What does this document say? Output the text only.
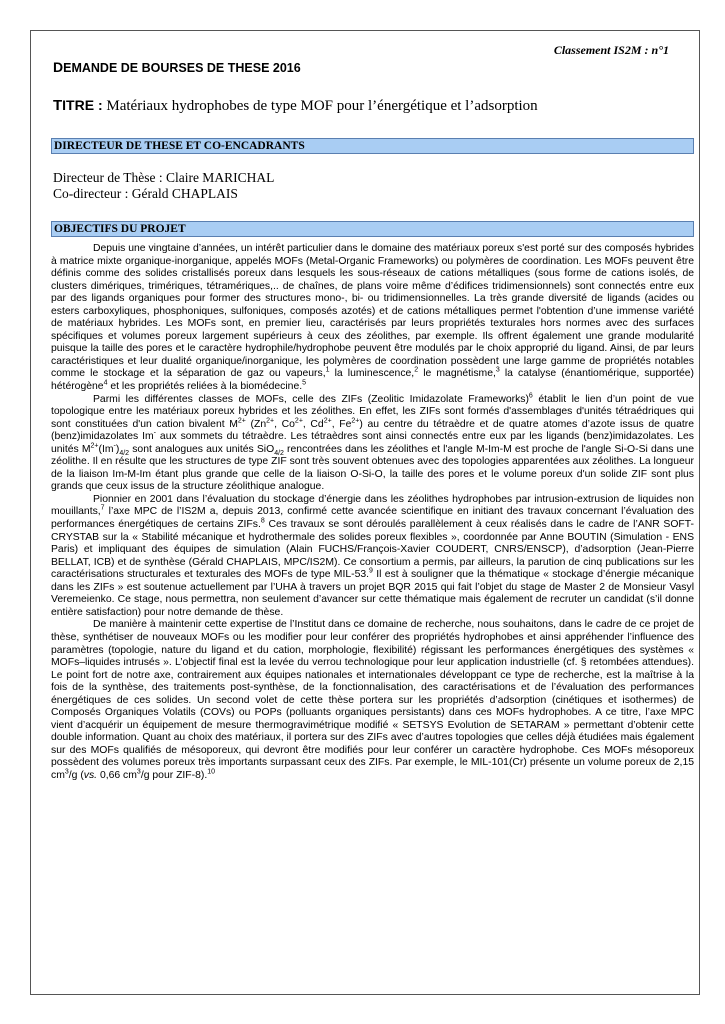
Classement IS2M : n°1
DEMANDE DE BOURSES DE THESE 2016
TITRE : Matériaux hydrophobes de type MOF pour l’énergétique et l’adsorption
DIRECTEUR DE THESE ET CO-ENCADRANTS
Directeur de Thèse : Claire MARICHAL
Co-directeur : Gérald CHAPLAIS
OBJECTIFS DU PROJET

Depuis une vingtaine d’années, un intérêt particulier dans le domaine des matériaux poreux s'est porté sur des composés hybrides à matrice mixte organique-inorganique, appelés MOFs (Metal-Organic Frameworks) ou polymères de coordination. Les MOFs peuvent être définis comme des solides cristallisés poreux dans lesquels les sous-réseaux de cations métalliques (sous forme de cations isolés, de clusters dimériques, trimériques, tétramériques,.. de chaînes, de plans voire même d’édifices tridimensionnels) sont connectés entre eux par des ligands organiques pour former des structures mono-, bi- ou tridimensionnelles. La très grande diversité de ligands (acides ou esters carboxyliques, phosphoniques, sulfoniques, composés azotés) et de cations métalliques permet l'obtention d’une immense variété de matériaux hybrides. Les MOFs sont, en premier lieu, caractérisés par leurs propriétés texturales hors normes avec des surfaces spécifiques et volumes poreux largement supérieurs à ceux des zéolithes, par exemple. Ils offrent également une grande modularité puisque la taille des pores et le caractère hydrophile/hydrophobe peuvent être modulés par le choix approprié du ligand. Ainsi, de par leurs caractéristiques et leur dualité organique/inorganique, les polymères de coordination possèdent une large gamme de propriétés notables comme le stockage et la séparation de gaz ou vapeurs,$^1$ la luminescence,$^2$ le magnétisme,$^3$ la catalyse (énantiomérique, supportée) hétérogène$^4$ et les propriétés reliées à la biomédecine.$^5$

Parmi les différentes classes de MOFs, celle des ZIFs (Zeolitic Imidazolate Frameworks)$^6$ établit le lien d’un point de vue topologique entre les matériaux poreux hybrides et les zéolithes. En effet, les ZIFs sont formés d'assemblages d'unités tétraédriques qui sont constituées d'un cation bivalent $M^{2+}$ ($Zn^{2+}$, $Co^{2+}$, $Cd^{2+}$, $Fe^{2+}$) au centre du tétraèdre et de quatre atomes d’azote issus de quatre (benz)imidazolates Im- aux sommets du tétraèdre. Les tétraèdres sont ainsi connectés entre eux par les ligands (benz)imidazolates. Les unités $M^{2+}(Im^-)_{4/2}$ sont analogues aux unités SiO$_{4/2}$ rencontrées dans les zéolithes et l'angle M-Im-M est proche de l'angle Si-O-Si dans une zéolithe. Il en résulte que les structures de type ZIF sont très souvent obtenues avec des topologies apparentées aux zéolithes. La longueur de la liaison Im-M-Im étant plus grande que celle de la liaison O-Si-O, la taille des pores et le volume poreux d'un solide ZIF sont plus grands que ceux issus de la structure zéolithique analogue.

Pionnier en 2001 dans l’évaluation du stockage d’énergie dans les zéolithes hydrophobes par intrusion-extrusion de liquides non mouillants,$^7$ l’axe MPC de l’IS2M a, depuis 2013, confirmé cette avancée scientifique en initiant des travaux concernant l’évaluation des performances énergétiques de certains ZIFs.$^8$ Ces travaux se sont déroulés parallèlement à ceux réalisés dans le cadre de l’ANR SOFT-CRYSTAB sur la « Stabilité mécanique et hydrothermale des solides poreux flexibles », coordonnée par Anne BOUTIN (Simulation - ENS Paris) et impliquant des équipes de simulation (Alain FUCHS/François-Xavier COUDERT, CNRS/ENSCP), d’adsorption (Jean-Pierre BELLAT, ICB) et de synthèse (Gérald CHAPLAIS, MPC/IS2M). Ce consortium a permis, par ailleurs, la parution de cinq publications sur les caractérisations structurales et texturales des MOFs de type MIL-53.$^9$ Il est à souligner que la thématique « stockage d’énergie mécanique dans les ZIFs » est soutenue actuellement par l’UHA à travers un projet BQR 2015 qui fait l’objet du stage de Master 2 de Monsieur Vasyl Veremeienko. Ce stage, nous permettra, non seulement d’avancer sur cette thématique mais également de recruter un candidat (s’il donne entière satisfaction) pour notre demande de thèse.

De manière à maintenir cette expertise de l’Institut dans ce domaine de recherche, nous souhaitons, dans le cadre de ce projet de thèse, synthétiser de nouveaux MOFs ou les modifier pour leur conférer des propriétés hydrophobes et ainsi appréhender l’influence des paramètres (topologie, nature du ligand et du cation, morphologie, flexibilité) régissant les performances énergétiques des systèmes « MOFs–liquides intrusés ». L’objectif final est la levée du verrou technologique pour leur application industrielle (cf. § retombées attendues). Le point fort de notre axe, contrairement aux équipes nationales et internationales développant ce type de recherche, est la maîtrise à la fois de la synthèse, des traitements post-synthèse, de la fonctionnalisation, des caractérisations et de l’évaluation des performances énergétiques de ces solides. Un second volet de cette thèse portera sur les propriétés d’adsorption (cinétiques et isothermes) de Composés Organiques Volatils (COVs) ou POPs (polluants organiques persistants) dans ces MOFs hydrophobes. A ce titre, l’axe MPC vient d’acquérir un équipement de mesure thermogravimétrique modifié « SETSYS Evolution de SETARAM » permettant d’obtenir cette double information. Quant au choix des matériaux, il portera sur des ZIFs avec d’autres topologies que celles déjà étudiées mais également sur des MOFs qualifiés de mésoporeux, qui devront être modifiés pour leur conférer un caractère hydrophobe. Ces MOFs mésoporeux possèdent des volumes poreux très importants surpassant ceux des ZIFs. Par exemple, le MIL-101(Cr) présente un volume poreux de 2,15 $cm^3/g$ (vs. 0,66 $cm^3/g$ pour ZIF-8).$^{10}$
